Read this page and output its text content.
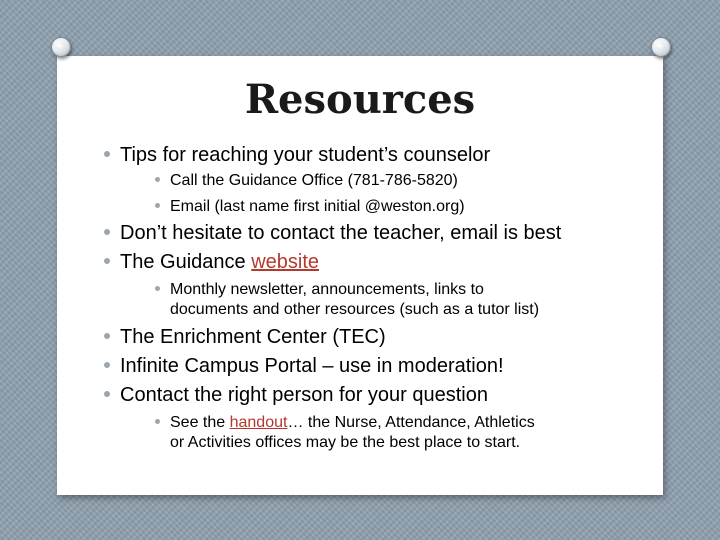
Resources
Tips for reaching your student’s counselor
Call the Guidance Office (781-786-5820)
Email (last name first initial @weston.org)
Don’t hesitate to contact the teacher, email is best
The Guidance website
Monthly newsletter, announcements, links to
documents and other resources (such as a tutor list)
The Enrichment Center (TEC)
Infinite Campus Portal – use in moderation!
Contact the right person for your question
See the handout… the Nurse, Attendance, Athletics
or Activities offices may be the best place to start.
